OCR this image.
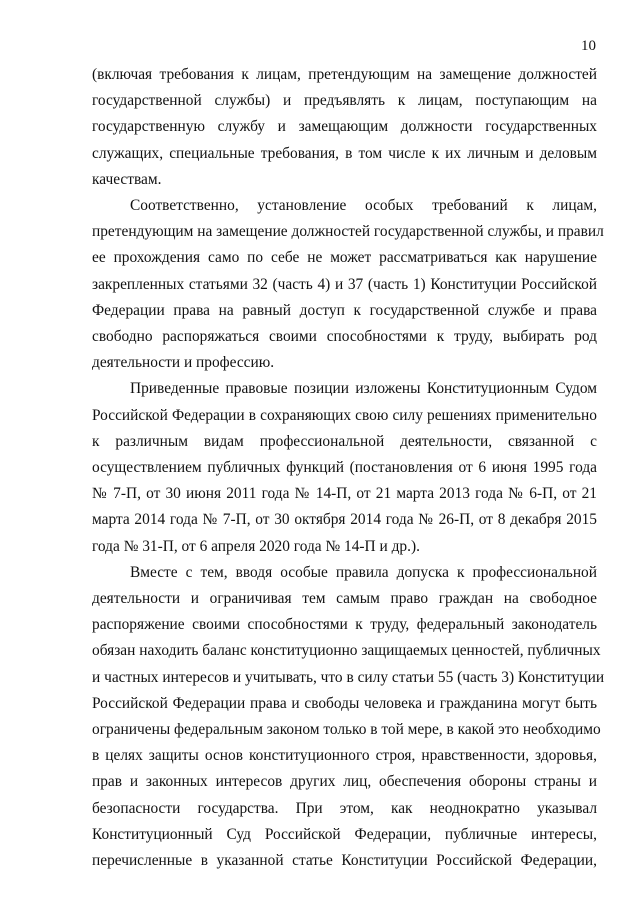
10

(включая требования к лицам, претендующим на замещение должностей
государственной службы) и предъявлять к лицам, поступающим на
государственную службу и замещающим должности государственных
служащих, специальные требования, в том числе к их личным и деловым
качествам.

Соответственно, установление особых требований к лицам,
претендующим на замещение должностей государственной службы, и правил
ее прохождения само по себе не может рассматриваться как нарушение
закрепленных статьями 32 (часть 4) и 37 (часть 1) Конституции Российской
Федерации права на равный доступ к государственной службе и права
свободно распоряжаться своими способностями к труду, выбирать род
деятельности и профессию.

Приведенные правовые позиции изложены Конституционным Судом
Российской Федерации в сохраняющих свою силу решениях применительно
к различным видам профессиональной деятельности, связанной с
осуществлением публичных функций (постановления от 6 июня 1995 года
№ 7-П, от 30 июня 2011 года № 14-П, от 21 марта 2013 года № 6-П, от 21
марта 2014 года № 7-П, от 30 октября 2014 года № 26-П, от 8 декабря 2015
года № 31-П, от 6 апреля 2020 года № 14-П и др.).

Вместе с тем, вводя особые правила допуска к профессиональной
деятельности и ограничивая тем самым право граждан на свободное
распоряжение своими способностями к труду, федеральный законодатель
обязан находить баланс конституционно защищаемых ценностей, публичных
и частных интересов и учитывать, что в силу статьи 55 (часть 3) Конституции
Российской Федерации права и свободы человека и гражданина могут быть
ограничены федеральным законом только в той мере, в какой это необходимо
в целях защиты основ конституционного строя, нравственности, здоровья,
прав и законных интересов других лиц, обеспечения обороны страны и
безопасности государства. При этом, как неоднократно указывал
Конституционный Суд Российской Федерации, публичные интересы,
перечисленные в указанной статье Конституции Российской Федерации,
